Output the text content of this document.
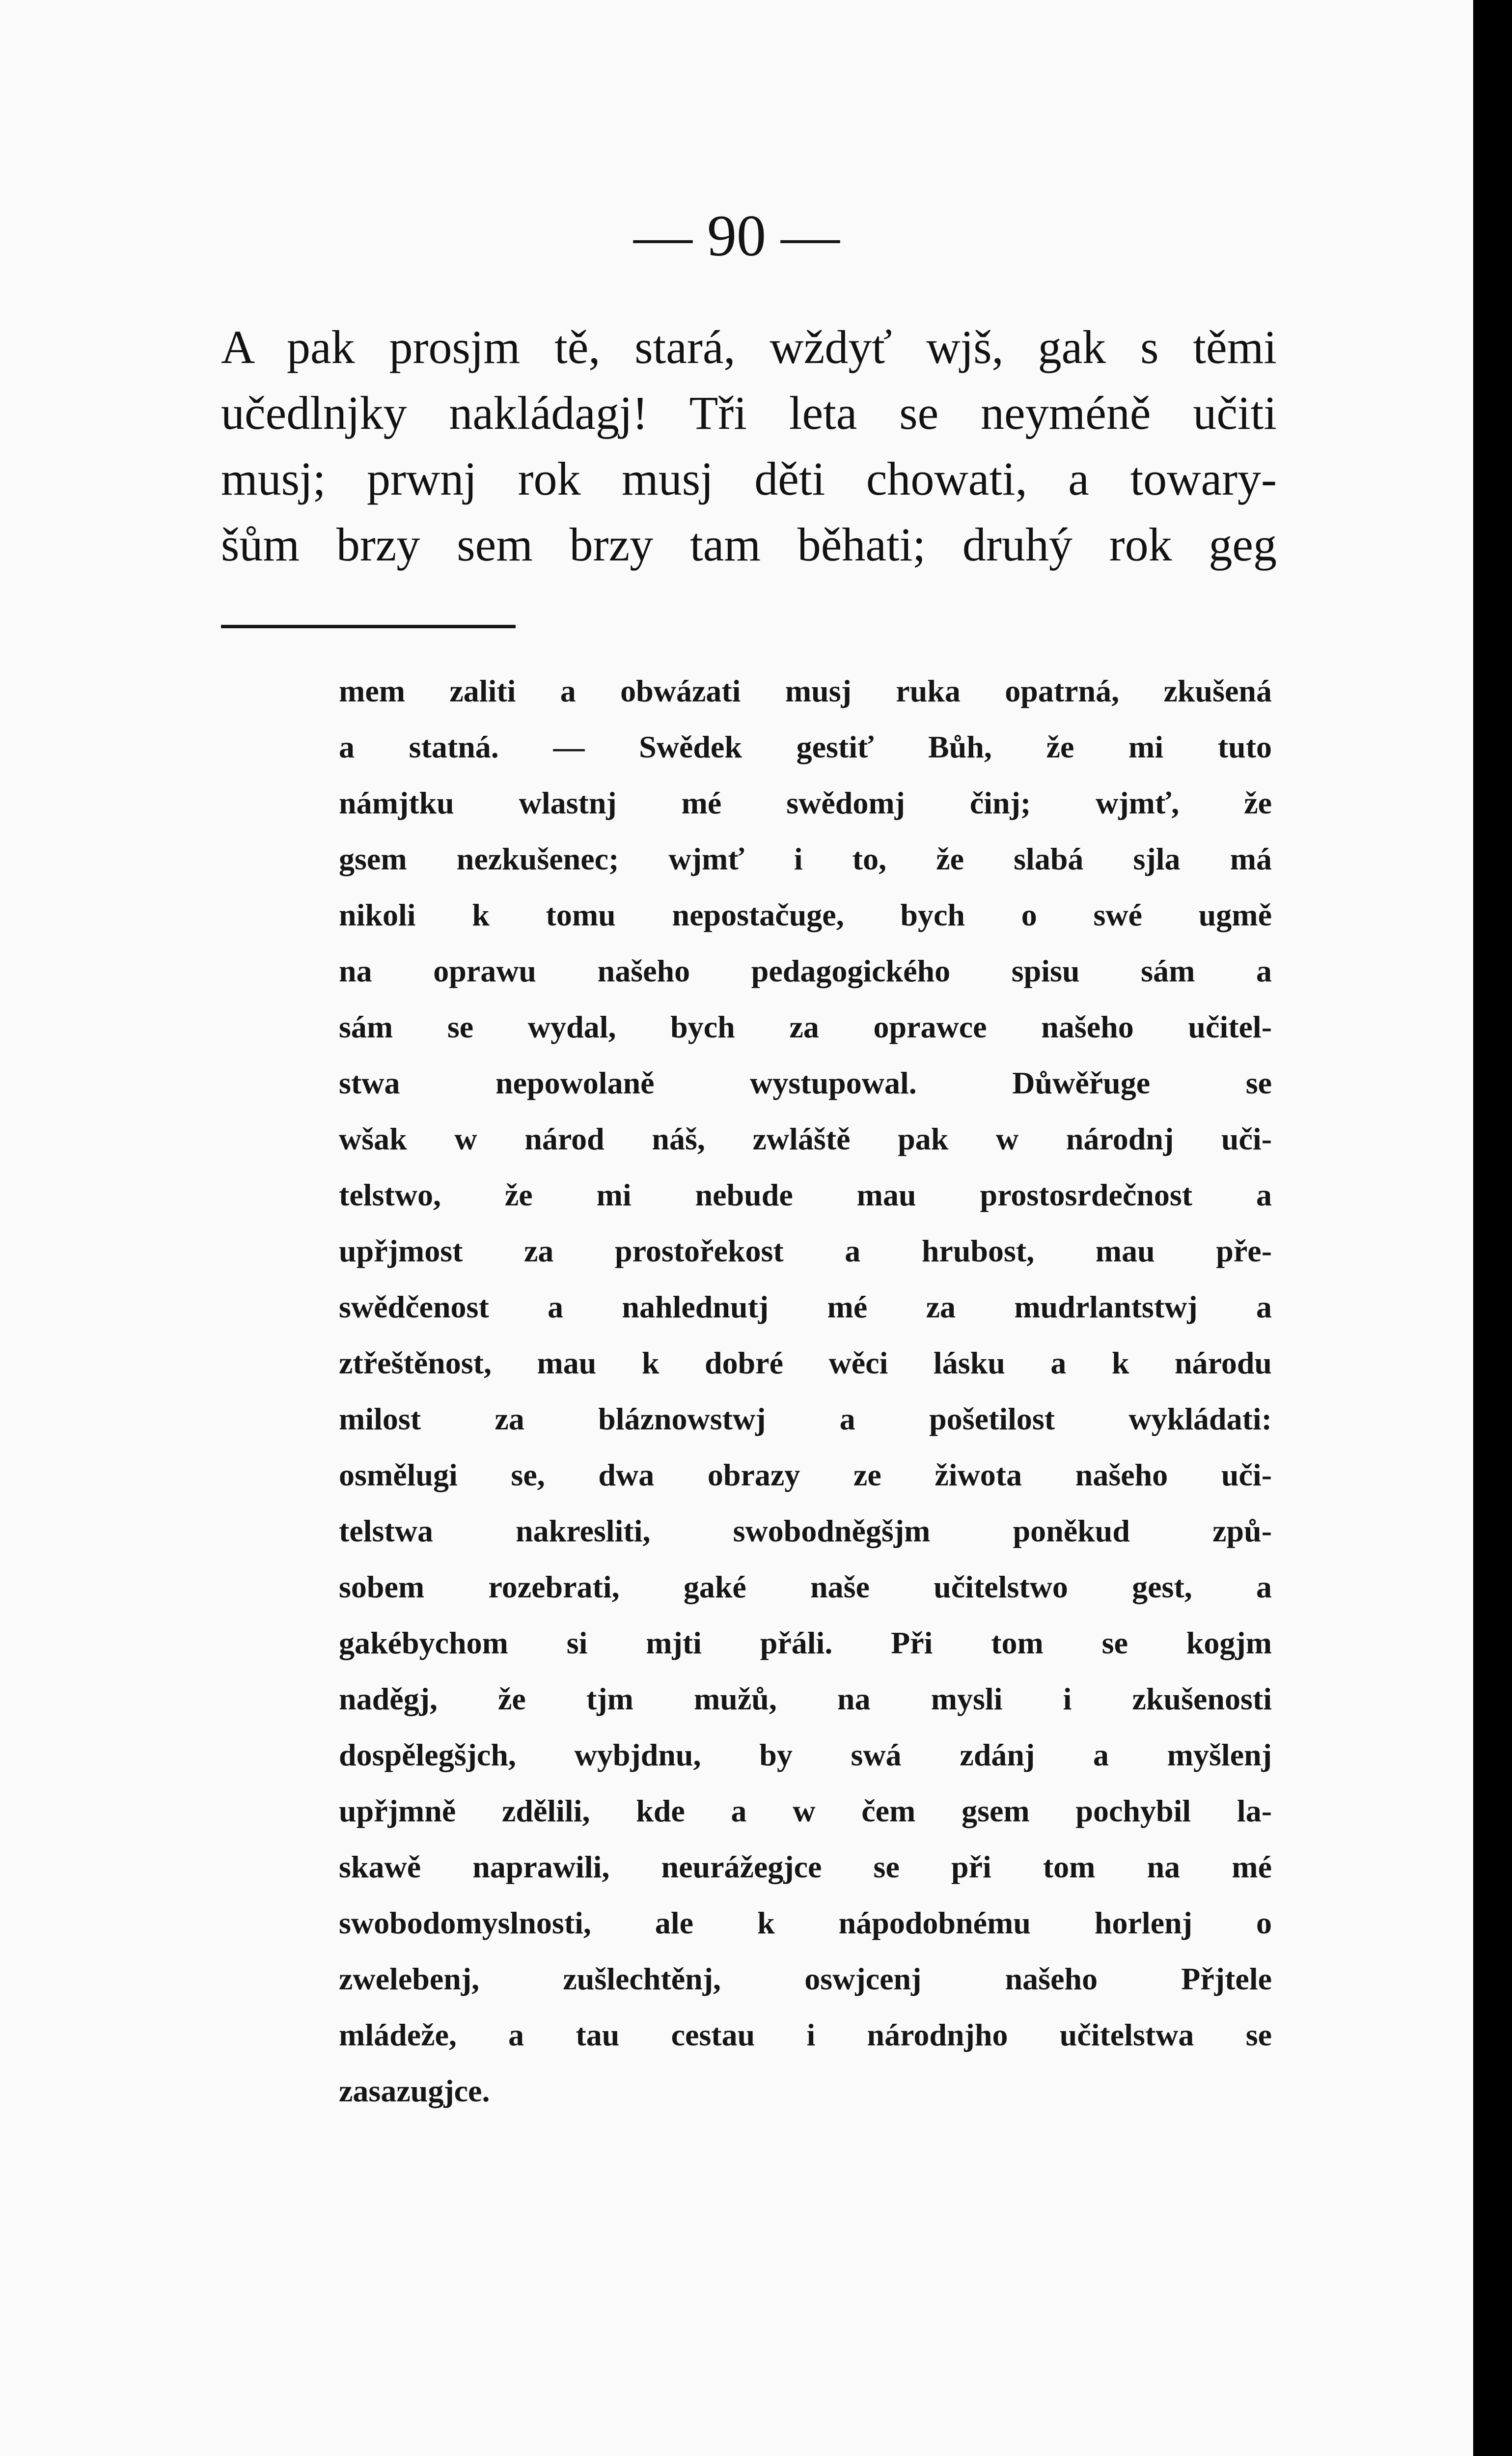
— 90 —
A pak prosjm tě, stará, wždyť wjš, gak s těmi
učedlnjky nakládagj! Tři leta se neyméně učiti
musj; prwnj rok musj děti chowati, a towary-
šům brzy sem brzy tam běhati; druhý rok geg
mem zaliti a obwázati musj ruka opatrná, zkušená
a statná. — Swědek gestiť Bůh, že mi tuto
námjtku wlastnj mé swědomj činj; wjmť, že
gsem nezkušenec; wjmť i to, že slabá sjla má
nikoli k tomu nepostačuge, bych o swé ugmě
na oprawu našeho pedagogického spisu sám a
sám se wydal, bych za oprawce našeho učitel-
stwa nepowolaně wystupowal. Důwěřuge se
wšak w národ náš, zwláště pak w národnj uči-
telstwo, že mi nebude mau prostosrdečnost a
upřjmost za prostořekost a hrubost, mau pře-
swědčenost a nahlednutj mé za mudrlantstwj a
ztřeštěnost, mau k dobré wěci lásku a k národu
milost za bláznowstwj a pošetilost wykládati:
osmělugi se, dwa obrazy ze žiwota našeho uči-
telstwa nakresliti, swobodněgšjm poněkud způ-
sobem rozebrati, gaké naše učitelstwo gest, a
gakébychom si mjti přáli. Při tom se kogjm
naděgj, že tjm mužů, na mysli i zkušenosti
dospělegšjch, wybjdnu, by swá zdánj a myšlenj
upřjmně zdělili, kde a w čem gsem pochybil la-
skawě naprawili, neurážegjce se při tom na mé
swobodomyslnosti, ale k nápodobnému horlenj o
zwelebenj, zušlechtěnj, oswjcenj našeho Přjtele
mládeže, a tau cestau i národnjho učitelstwa se
zasazugjce.
